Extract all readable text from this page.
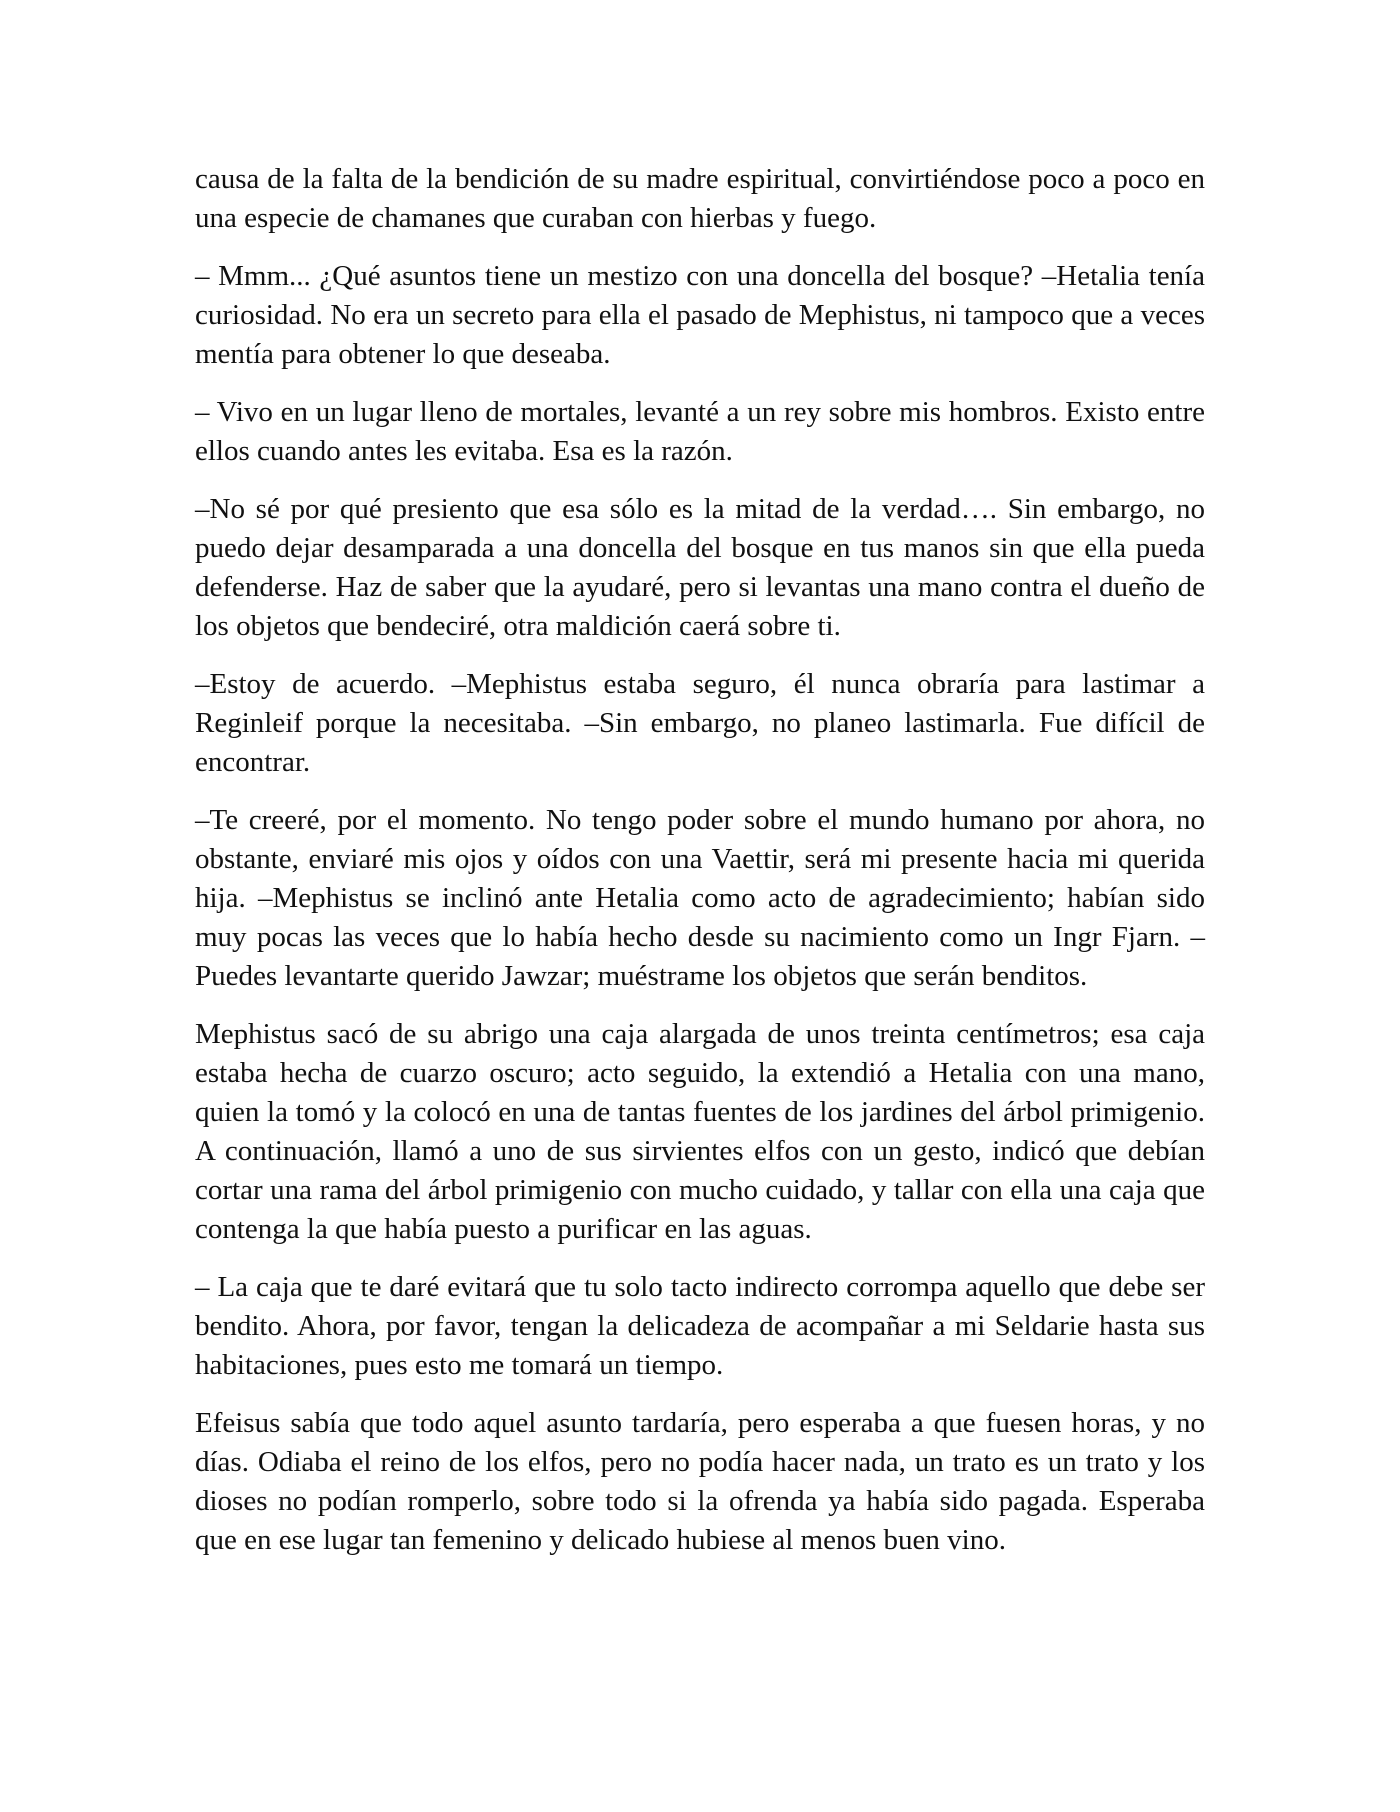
causa de la falta de la bendición de su madre espiritual, convirtiéndose poco a poco en una especie de chamanes que curaban con hierbas y fuego.

– Mmm... ¿Qué asuntos tiene un mestizo con una doncella del bosque? –Hetalia tenía curiosidad. No era un secreto para ella el pasado de Mephistus, ni tampoco que a veces mentía para obtener lo que deseaba.

– Vivo en un lugar lleno de mortales, levanté a un rey sobre mis hombros. Existo entre ellos cuando antes les evitaba. Esa es la razón.

–No sé por qué presiento que esa sólo es la mitad de la verdad…. Sin embargo, no puedo dejar desamparada a una doncella del bosque en tus manos sin que ella pueda defenderse. Haz de saber que la ayudaré, pero si levantas una mano contra el dueño de los objetos que bendeciré, otra maldición caerá sobre ti.

–Estoy de acuerdo. –Mephistus estaba seguro, él nunca obraría para lastimar a Reginleif porque la necesitaba. –Sin embargo, no planeo lastimarla. Fue difícil de encontrar.

–Te creeré, por el momento. No tengo poder sobre el mundo humano por ahora, no obstante, enviaré mis ojos y oídos con una Vaettir, será mi presente hacia mi querida hija. –Mephistus se inclinó ante Hetalia como acto de agradecimiento; habían sido muy pocas las veces que lo había hecho desde su nacimiento como un Ingr Fjarn. –Puedes levantarte querido Jawzar; muéstrame los objetos que serán benditos.

Mephistus sacó de su abrigo una caja alargada de unos treinta centímetros; esa caja estaba hecha de cuarzo oscuro; acto seguido, la extendió a Hetalia con una mano, quien la tomó y la colocó en una de tantas fuentes de los jardines del árbol primigenio. A continuación, llamó a uno de sus sirvientes elfos con un gesto, indicó que debían cortar una rama del árbol primigenio con mucho cuidado, y tallar con ella una caja que contenga la que había puesto a purificar en las aguas.

– La caja que te daré evitará que tu solo tacto indirecto corrompa aquello que debe ser bendito. Ahora, por favor, tengan la delicadeza de acompañar a mi Seldarie hasta sus habitaciones, pues esto me tomará un tiempo.

Efeisus sabía que todo aquel asunto tardaría, pero esperaba a que fuesen horas, y no días. Odiaba el reino de los elfos, pero no podía hacer nada, un trato es un trato y los dioses no podían romperlo, sobre todo si la ofrenda ya había sido pagada. Esperaba que en ese lugar tan femenino y delicado hubiese al menos buen vino.
